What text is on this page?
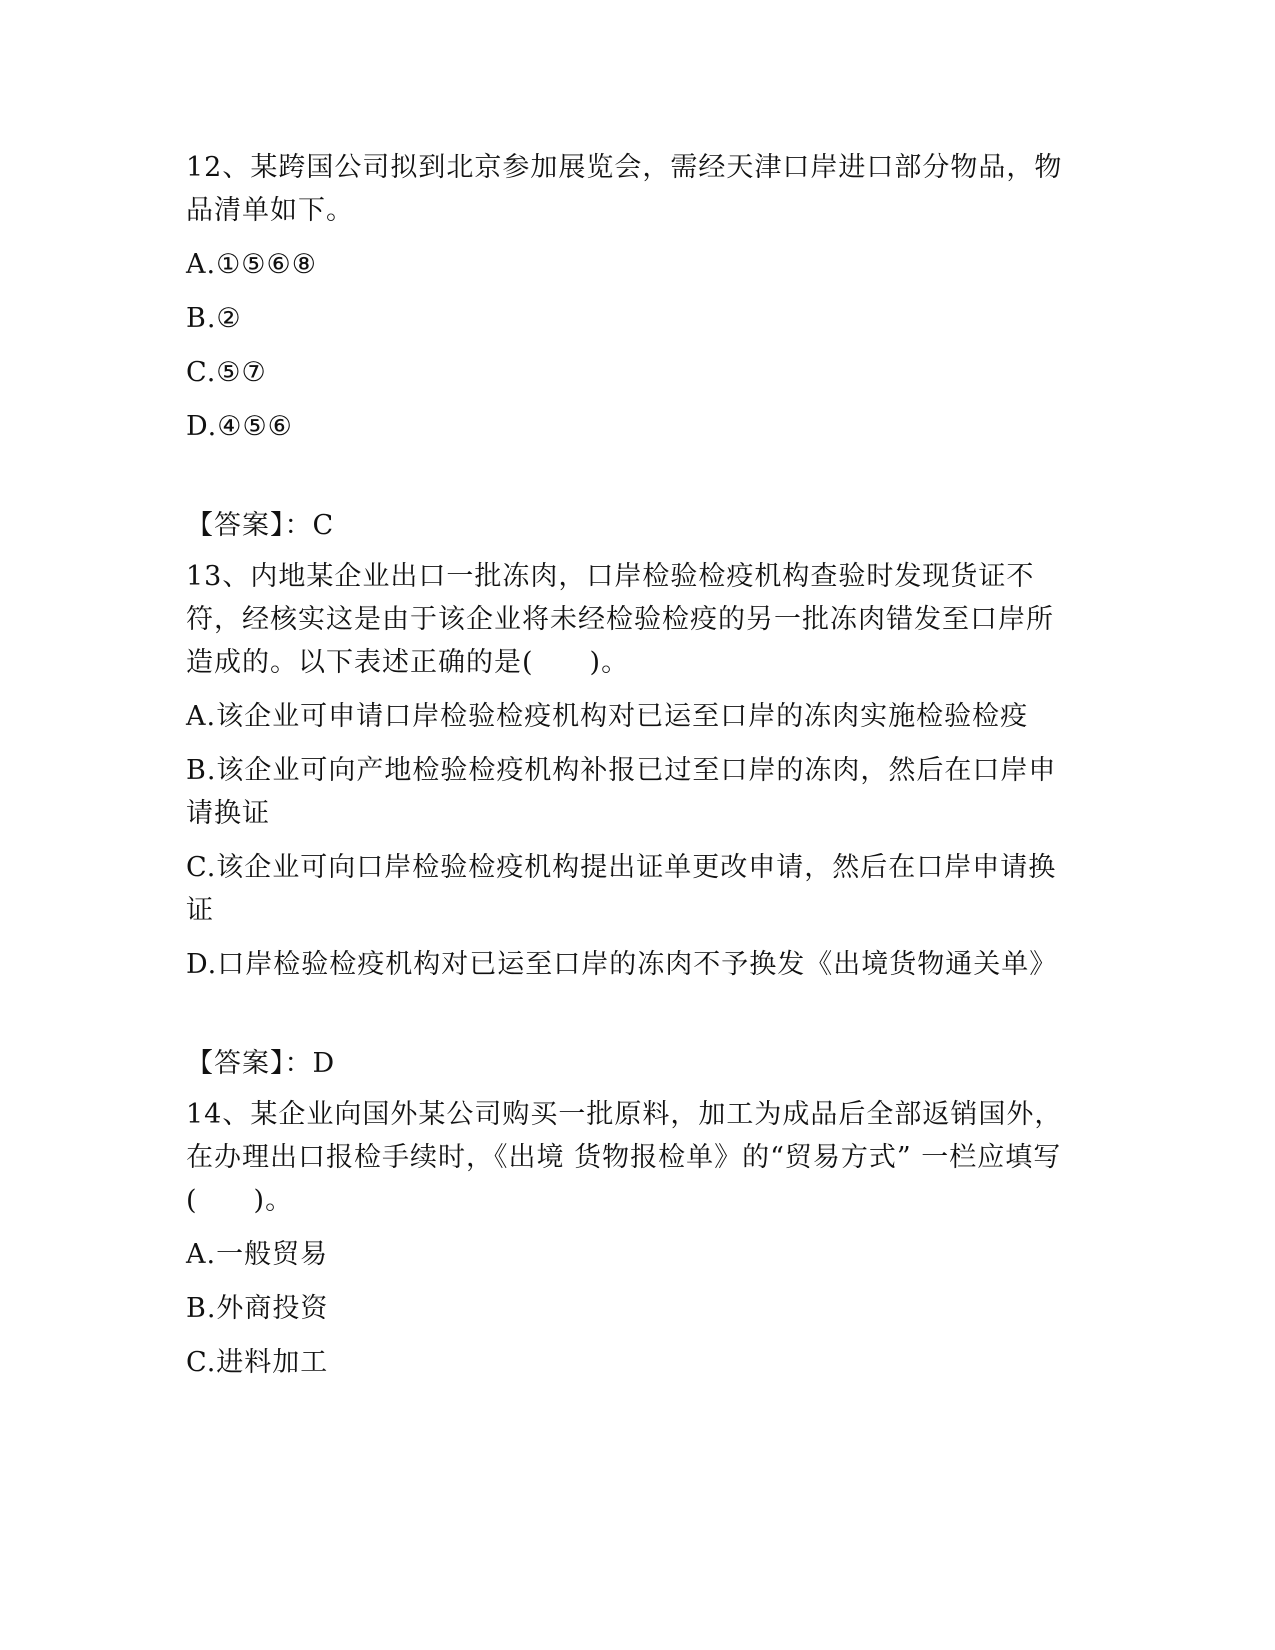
12、某跨国公司拟到北京参加展览会，需经天津口岸进口部分物品，物品清单如下。

A.①⑤⑥⑧

B.②

C.⑤⑦

D.④⑤⑥

【答案】：C

13、内地某企业出口一批冻肉，口岸检验检疫机构查验时发现货证不符，经核实这是由于该企业将未经检验检疫的另一批冻肉错发至口岸所造成的。以下表述正确的是(　　)。

A.该企业可申请口岸检验检疫机构对已运至口岸的冻肉实施检验检疫

B.该企业可向产地检验检疫机构补报已过至口岸的冻肉，然后在口岸申请换证

C.该企业可向口岸检验检疫机构提出证单更改申请，然后在口岸申请换证

D.口岸检验检疫机构对已运至口岸的冻肉不予换发《出境货物通关单》

【答案】：D

14、某企业向国外某公司购买一批原料，加工为成品后全部返销国外，在办理出口报检手续时，《出境 货物报检单》的“贸易方式” 一栏应填写(　　)。

A.一般贸易

B.外商投资

C.进料加工
